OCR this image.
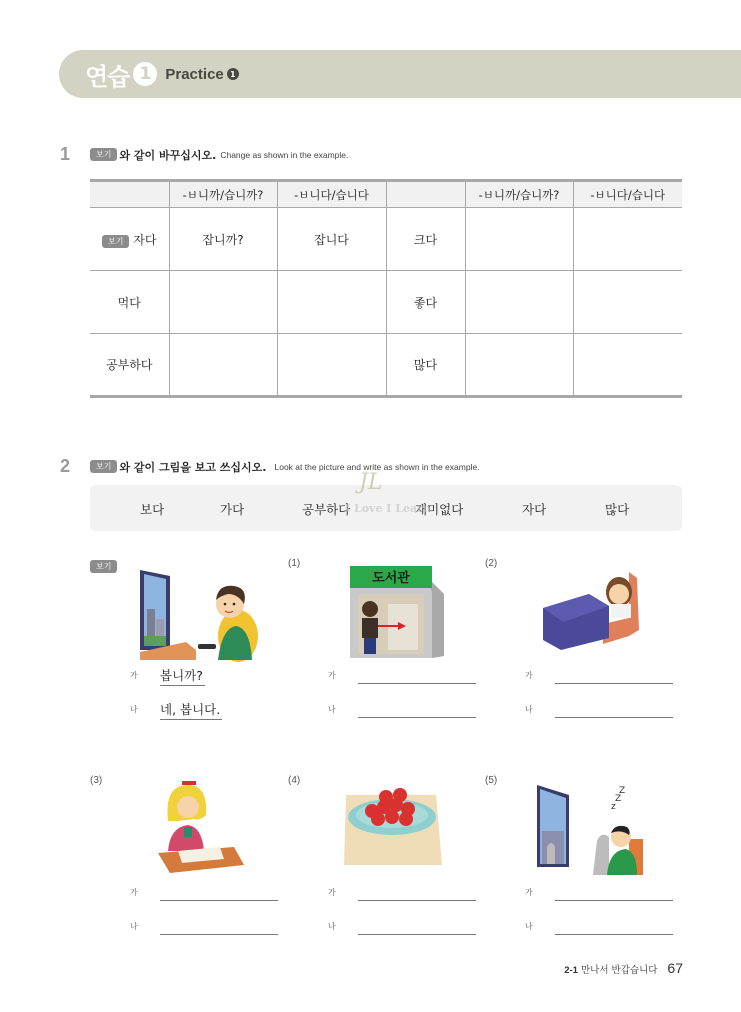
연습 1 Practice 1
1	보기 와 같이 바꾸십시오. Change as shown in the example.
	-ㅂ니까/습니까?	-ㅂ니다/습니다		-ㅂ니까/습니까?	-ㅂ니다/습니다
보기 자다	잡니까?	잡니다	크다		
먹다			좋다		
공부하다			많다		
2	보기 와 같이 그림을 보고 쓰십시오. Look at the picture and write as shown in the example.
보다	가다	공부하다	재미없다	자다	많다
JL
I Love I Learn
보기
가 봅니까?
나 네, 봅니다.
(1)
도서관
가
나
(2)
가
나
(3)
가
나
(4)
가
나
(5)
z
Z
Z
가
나
2-1 만나서 반갑습니다 67
